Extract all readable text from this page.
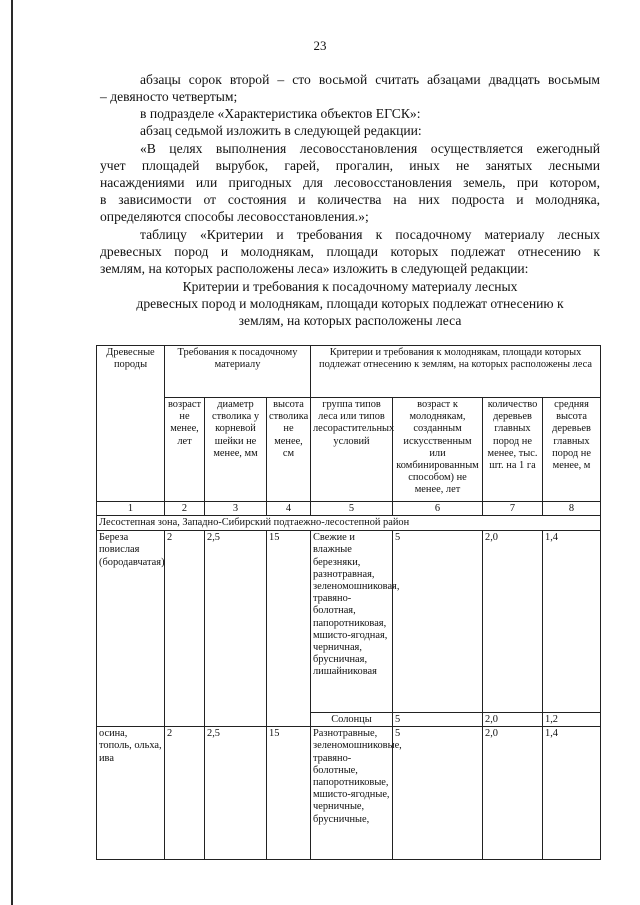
23
абзацы сорок второй – сто восьмой считать абзацами двадцать восьмым
– девяносто четвертым;
в подразделе «Характеристика объектов ЕГСК»:
абзац седьмой изложить в следующей редакции:
«В целях выполнения лесовосстановления осуществляется ежегодный
учет площадей вырубок, гарей, прогалин, иных не занятых лесными
насаждениями или пригодных для лесовосстановления земель, при котором,
в зависимости от состояния и количества на них подроста и молодняка,
определяются способы лесовосстановления.»;
таблицу «Критерии и требования к посадочному материалу лесных
древесных пород и молоднякам, площади которых подлежат отнесению к
землям, на которых расположены леса» изложить в следующей редакции:
Критерии и требования к посадочному материалу лесных
древесных пород и молоднякам, площади которых подлежат отнесению к
землям, на которых расположены леса
Древесные породы	Требования к посадочному материалу			Критерии и требования к молоднякам, площади которых подлежат отнесению к землям, на которых расположены леса			
	возраст не менее, лет	диаметр стволика у корневой шейки не менее, мм	высота стволика не менее, см	группа типов леса или типов лесорастительных условий	возраст к молоднякам, созданным искусственным или комбинированным способом) не менее, лет	количество деревьев главных пород не менее, тыс. шт. на 1 га	средняя высота деревьев главных пород не менее, м
1	2	3	4	5	6	7	8
Лесостепная зона, Западно-Сибирский подтаежно-лесостепной район							
Береза повислая (бородавчатая)	2	2,5	15	Свежие и влажные березняки, разнотравная, зеленомошниковая, травяно-болотная, папоротниковая, мшисто-ягодная, черничная, брусничная, лишайниковая	5	2,0	1,4
				Солонцы	5	2,0	1,2
осина, тополь, ольха, ива	2	2,5	15	Разнотравные, зеленомошниковые, травяно-болотные, папоротниковые, мшисто-ягодные, черничные, брусничные,	5	2,0	1,4
